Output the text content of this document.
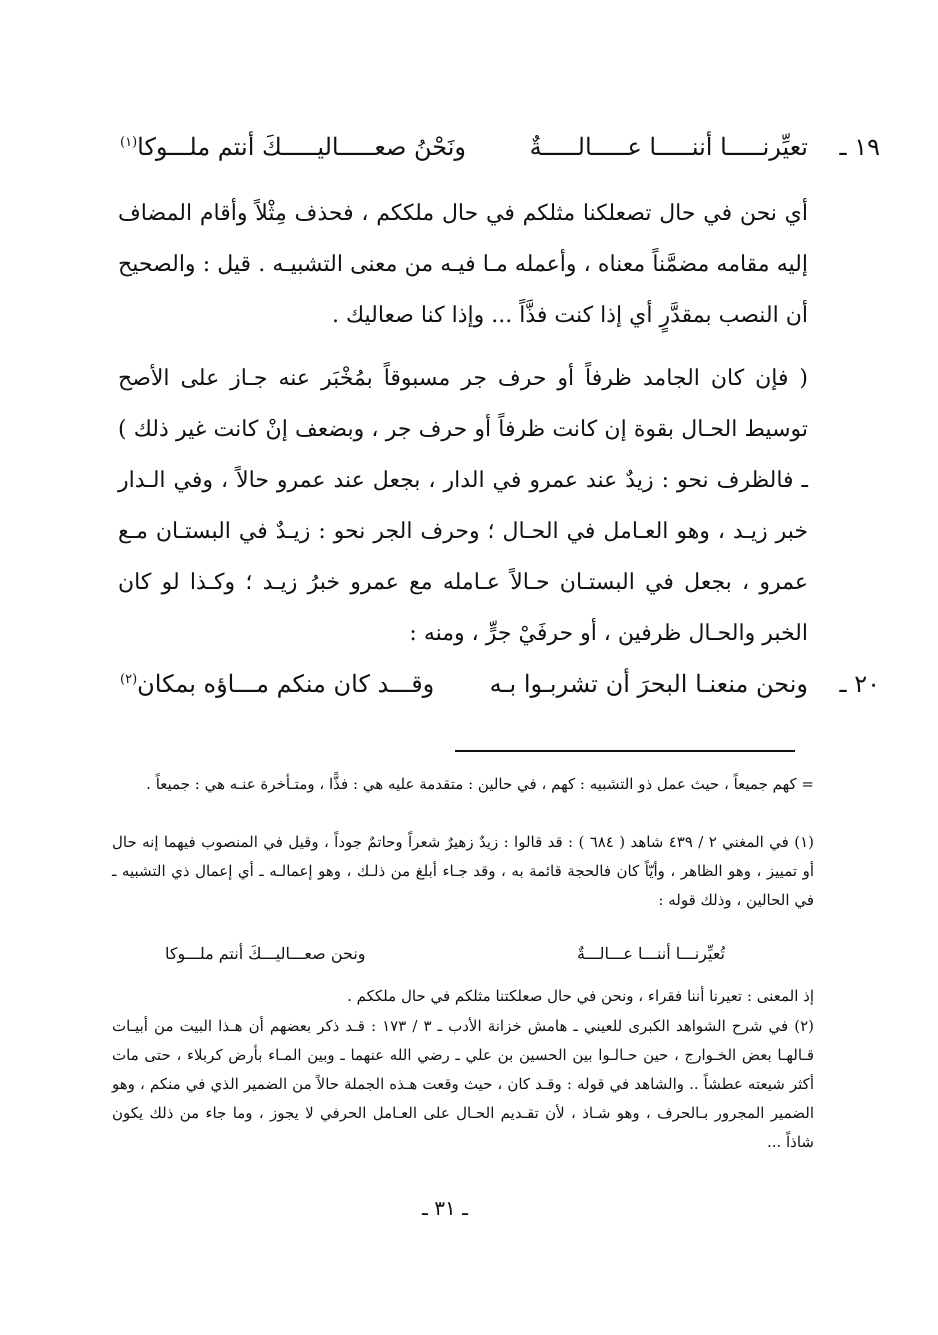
١٩ ـ
تعيِّرنـــــا أننـــــا عـــــالـــــةٌ
ونَحْنُ صعـــــاليـــــكَ أنتم ملـــوكا$^{(١)}$

أي نحن في حال تصعلكنا مثلكم في حال ملككم ، فحذف مِثْلاً وأقام المضاف إليه مقامه مضمَّناً معناه ، وأعمله مـا فيـه من معنى التشبيـه . قيل : والصحيح أن النصب بمقدَّرٍ أي إذا كنت فذَّاً ... وإذا كنا صعاليك .

( فإن كان الجامد ظرفاً أو حرف جر مسبوقاً بمُخْبَر عنه جـاز على الأصح توسيط الحـال بقوة إن كانت ظرفاً أو حرف جر ، وبضعف إنْ كانت غير ذلك ) ـ فالظرف نحو : زيدٌ عند عمرو في الدار ، بجعل عند عمرو حالاً ، وفي الـدار خبر زيـد ، وهو العـامل في الحـال ؛ وحرف الجر نحو : زيـدٌ في البستـان مـع عمرو ، بجعل في البستـان حـالاً عـامله مع عمرو خبرُ زيـد ؛ وكـذا لو كان الخبر والحـال ظرفين ، أو حرفَيْ جرٍّ ، ومنه :

٢٠ ـ
ونحن منعنـا البحرَ أن تشربـوا بـه
وقـــد كان منكم مـــاؤه بمكان$^{(٢)}$

= كهم جميعاً ، حيث عمل ذو التشبيه : كهم ، في حالين : متقدمة عليه هي : فذًّا ، ومتـأخرة عنـه هي : جميعاً .

(١) في المغني ٢ / ٤٣٩ شاهد ( ٦٨٤ ) : قد قالوا : زيدٌ زهيرٌ شعراً وحاتمٌ جوداً ، وقيل في المنصوب فيهما إنه حال أو تمييز ، وهو الظاهر ، وأيّاً كان فالحجة قائمة به ، وقد جـاء أبلغ من ذلـك ، وهو إعمالـه ـ أي إعمال ذي التشبيه ـ في الحالين ، وذلك قوله :

تُعيِّرنـــا أننـــا عـــالـــةٌ
ونحن صعـــاليـــكَ أنتم ملـــوكا

إذ المعنى : تعيرنا أننا فقراء ، ونحن في حال صعلكتنا مثلكم في حال ملككم .

(٢) في شرح الشواهد الكبرى للعيني ـ هامش خزانة الأدب ـ ٣ / ١٧٣ : قـد ذكر بعضهم أن هـذا البيت من أبيـات قـالهـا بعض الخـوارج ، حين حـالـوا بين الحسين بن علي ـ رضي الله عنهما ـ وبين المـاء بأرض كربلاء ، حتى مات أكثر شيعته عطشاً .. والشاهد في قوله : وقـد كان ، حيث وقعت هـذه الجملة حالاً من الضمير الذي في منكم ، وهو الضمير المجرور بـالحرف ، وهو شـاذ ، لأن تقـديم الحـال على العـامل الحرفي لا يجوز ، وما جاء من ذلك يكون شاذاً ...

ـ ٣١ ـ
